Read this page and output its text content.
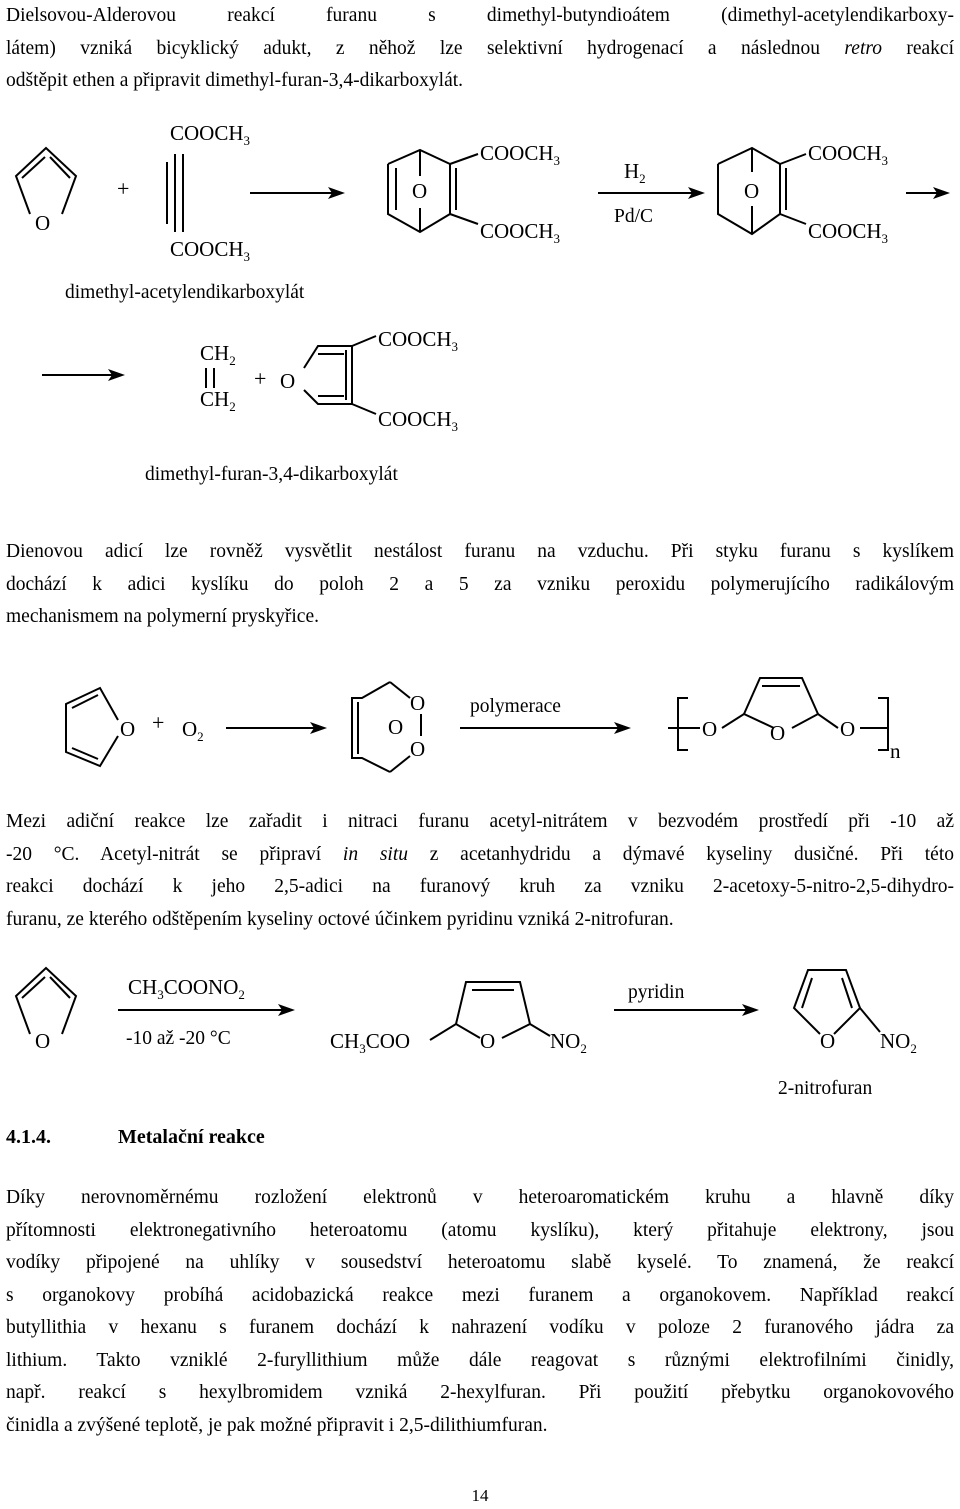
Dielsovou-Alderovou reakcí furanu s dimethyl-butyndioátem (dimethyl-acetylendikarboxy-
látem) vzniká bicyklický adukt, z něhož lze selektivní hydrogenací a následnou retro reakcí
odštěpit ethen a připravit dimethyl-furan-3,4-dikarboxylát.
O
+
$COOCH_3$
$COOCH_3$
dimethyl-acetylendikarboxylát
O
$COOCH_3$
$COOCH_3$
$H_2$
Pd/C
O
$COOCH_3$
$COOCH_3$
$CH_2$
$CH_2$
+ O
$COOCH_3$
$COOCH_3$
dimethyl-furan-3,4-dikarboxylát
Dienovou adicí lze rovněž vysvětlit nestálost furanu na vzduchu. Při styku furanu s kyslíkem
dochází k adici kyslíku do poloh 2 a 5 za vzniku peroxidu polymerujícího radikálovým
mechanismem na polymerní pryskyřice.
$O + O_2$	O
O
O
polymerace
O	O	O
n
Mezi adiční reakce lze zařadit i nitraci furanu acetyl-nitrátem v bezvodém prostředí při -10 až
-20 °C. Acetyl-nitrát se připraví in situ z acetanhydridu a dýmavé kyseliny dusičné. Při této
reakci dochází k jeho 2,5-adici na furanový kruh za vzniku 2-acetoxy-5-nitro-2,5-dihydro-
furanu, ze kterého odštěpením kyseliny octové účinkem pyridinu vzniká 2-nitrofuran.
O
$CH_3COONO_2$
-10 až -20 °C	$CH_3COO$	O	$NO_2$
pyridin
O $NO_2$
2-nitrofuran
4.1.4.	Metalační reakce
Díky nerovnoměrnému rozložení elektronů v heteroaromatickém kruhu a hlavně díky
přítomnosti elektronegativního heteroatomu (atomu kyslíku), který přitahuje elektrony, jsou
vodíky připojené na uhlíky v sousedství heteroatomu slabě kyselé. To znamená, že reakcí
s organokovy probíhá acidobazická reakce mezi furanem a organokovem. Například reakcí
butyllithia v hexanu s furanem dochází k nahrazení vodíku v poloze 2 furanového jádra za
lithium. Takto vzniklé 2-furyllithium může dále reagovat s různými elektrofilními činidly,
např. reakcí s hexylbromidem vzniká 2-hexylfuran. Při použití přebytku organokovového
činidla a zvýšené teplotě, je pak možné připravit i 2,5-dilithiumfuran.
14
